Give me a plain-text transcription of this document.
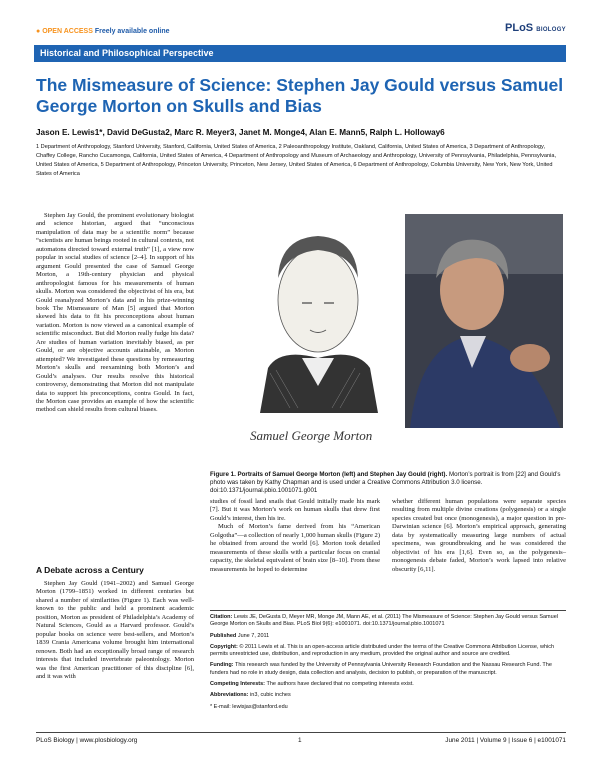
● OPEN ACCESS Freely available online	PLoS BIOLOGY
Historical and Philosophical Perspective
The Mismeasure of Science: Stephen Jay Gould versus Samuel George Morton on Skulls and Bias
Jason E. Lewis1*, David DeGusta2, Marc R. Meyer3, Janet M. Monge4, Alan E. Mann5, Ralph L. Holloway6
1 Department of Anthropology, Stanford University, Stanford, California, United States of America, 2 Paleoanthropology Institute, Oakland, California, United States of America, 3 Department of Anthropology, Chaffey College, Rancho Cucamonga, California, United States of America, 4 Department of Anthropology and Museum of Archaeology and Anthropology, University of Pennsylvania, Philadelphia, Pennsylvania, United States of America, 5 Department of Anthropology, Princeton University, Princeton, New Jersey, United States of America, 6 Department of Anthropology, Columbia University, New York, New York, United States of America

Stephen Jay Gould, the prominent evolutionary biologist and science historian, argued that “unconscious manipulation of data may be a scientific norm” because “scientists are human beings rooted in cultural contexts, not automatons directed toward external truth” [1], a view now popular in social studies of science [2–4]. In support of his argument Gould presented the case of Samuel George Morton, a 19th-century physician and physical anthropologist famous for his measurements of human skulls. Morton was considered the objectivist of his era, but Gould reanalyzed Morton’s data and in his prize-winning book The Mismeasure of Man [5] argued that Morton skewed his data to fit his preconceptions about human variation. Morton is now viewed as a canonical example of scientific misconduct. But did Morton really fudge his data? Are studies of human variation inevitably biased, as per Gould, or are objective accounts attainable, as Morton attempted? We investigated these questions by remeasuring Morton’s skulls and reexamining both Morton’s and Gould’s analyses. Our results resolve this historical controversy, demonstrating that Morton did not manipulate data to support his preconceptions, contra Gould. In fact, the Morton case provides an example of how the scientific method can shield results from cultural biases.

A Debate across a Century

Stephen Jay Gould (1941–2002) and Samuel George Morton (1799–1851) worked in different centuries but shared a number of similarities (Figure 1). Each was well-known to the public and held a prominent academic position, Morton as president of Philadelphia’s Academy of Natural Sciences, Gould as a Harvard professor. Gould’s popular books on science were best-sellers, and Morton’s 1839 Crania Americana volume brought him international renown. Both had an exceptionally broad range of research interests that included invertebrate paleontology. Morton was the first American practitioner of this discipline [6], and it was with

Samuel George Morton
Figure 1. Portraits of Samuel George Morton (left) and Stephen Jay Gould (right). Morton’s portrait is from [22] and Gould’s photo was taken by Kathy Chapman and is used under a Creative Commons Attribution 3.0 license. doi:10.1371/journal.pbio.1001071.g001

studies of fossil land snails that Gould initially made his mark [7]. But it was Morton’s work on human skulls that drew first Gould’s interest, then his ire.

Much of Morton’s fame derived from his “American Golgotha”—a collection of nearly 1,000 human skulls (Figure 2) he obtained from around the world [6]. Morton took detailed measurements of these skulls with a particular focus on cranial capacity, the skeletal equivalent of brain size [8–10]. From these measurements he hoped to determine

whether different human populations were separate species resulting from multiple divine creations (polygenesis) or a single species created but once (monogenesis), a major question in pre-Darwinian science [6]. Morton’s empirical approach, generating data by systematically measuring large numbers of actual specimens, was groundbreaking and he was considered the objectivist of his era [1,6]. Even so, as the polygenesis–monogenesis debate faded, Morton’s work lapsed into relative obscurity [6,11].

Citation: Lewis JE, DeGusta D, Meyer MR, Monge JM, Mann AE, et al. (2011) The Mismeasure of Science: Stephen Jay Gould versus Samuel George Morton on Skulls and Bias. PLoS Biol 9(6): e1001071. doi:10.1371/journal.pbio.1001071
Published June 7, 2011
Copyright: © 2011 Lewis et al. This is an open-access article distributed under the terms of the Creative Commons Attribution License, which permits unrestricted use, distribution, and reproduction in any medium, provided the original author and source are credited.
Funding: This research was funded by the University of Pennsylvania University Research Foundation and the Nassau Research Fund. The funders had no role in study design, data collection and analysis, decision to publish, or preparation of the manuscript.
Competing Interests: The authors have declared that no competing interests exist.
Abbreviations: in3, cubic inches
* E-mail: lewisjas@stanford.edu
PLoS Biology | www.plosbiology.org	1	June 2011 | Volume 9 | Issue 6 | e1001071
